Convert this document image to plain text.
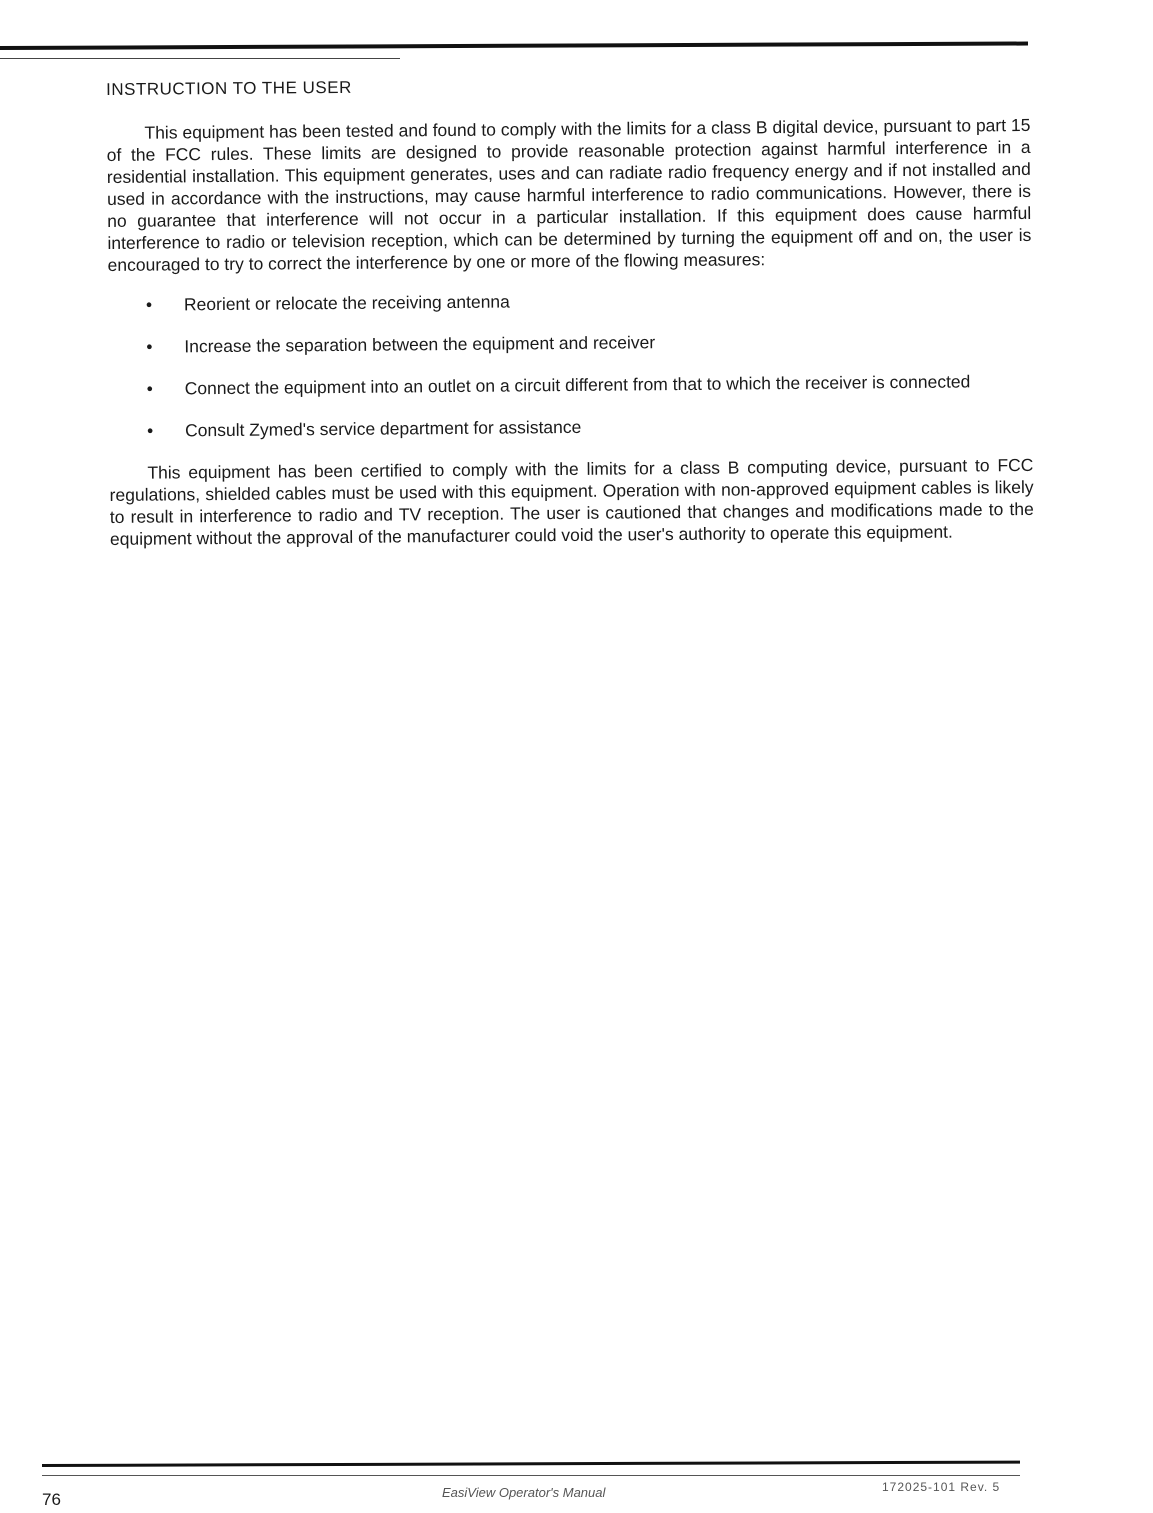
INSTRUCTION TO THE USER

This equipment has been tested and found to comply with the limits for a class B digital device, pursuant to part 15 of the FCC rules. These limits are designed to provide reasonable protection against harmful interference in a residential installation. This equipment generates, uses and can radiate radio frequency energy and if not installed and used in accordance with the instructions, may cause harmful interference to radio communications. However, there is no guarantee that interference will not occur in a particular installation. If this equipment does cause harmful interference to radio or television reception, which can be determined by turning the equipment off and on, the user is encouraged to try to correct the interference by one or more of the flowing measures:

• Reorient or relocate the receiving antenna
• Increase the separation between the equipment and receiver
• Connect the equipment into an outlet on a circuit different from that to which the receiver is connected
• Consult Zymed's service department for assistance

This equipment has been certified to comply with the limits for a class B computing device, pursuant to FCC regulations, shielded cables must be used with this equipment. Operation with non-approved equipment cables is likely to result in interference to radio and TV reception. The user is cautioned that changes and modifications made to the equipment without the approval of the manufacturer could void the user's authority to operate this equipment.

76	EasiView Operator's Manual	172025-101 Rev. 5
